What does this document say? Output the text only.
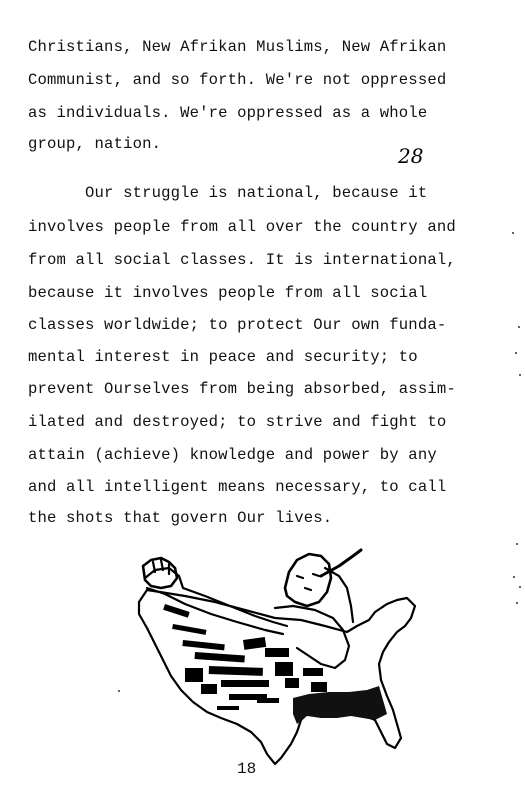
Christians, New Afrikan Muslims, New Afrikan
Communist, and so forth. We're not oppressed
as individuals. We're oppressed as a whole
group, nation.	28
Our struggle is national, because it
involves people from all over the country and
from all social classes. It is international,
because it involves people from all social
classes worldwide; to protect Our own funda-
mental interest in peace and security; to
prevent Ourselves from being absorbed, assim-
ilated and destroyed; to strive and fight to
attain (achieve) knowledge and power by any
and all intelligent means necessary, to call
the shots that govern Our lives.
18
